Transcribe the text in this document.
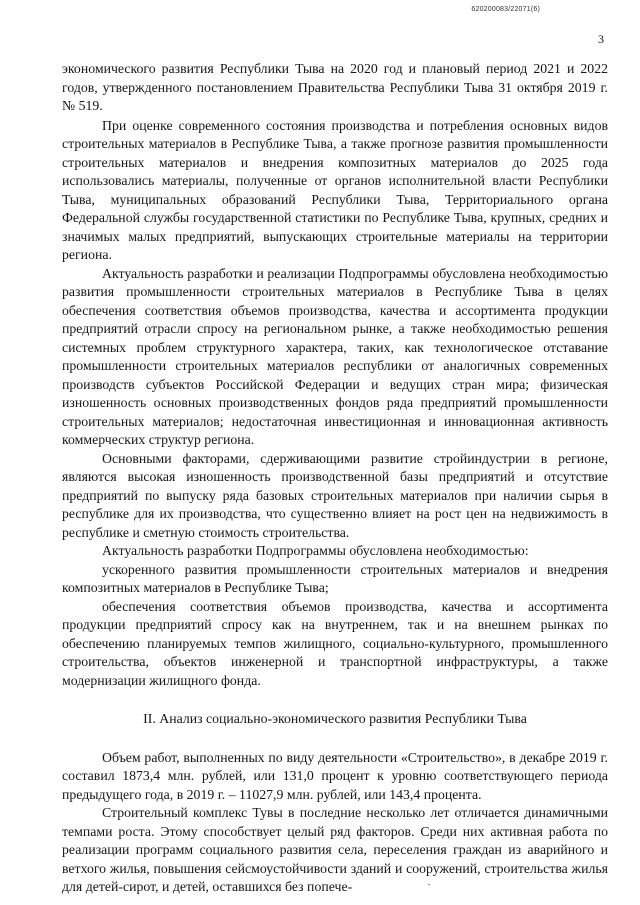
620200083/22071(6)
3

экономического развития Республики Тыва на 2020 год и плановый период 2021 и 2022 годов, утвержденного постановлением Правительства Республики Тыва 31 октября 2019 г. № 519.

При оценке современного состояния производства и потребления основных видов строительных материалов в Республике Тыва, а также прогнозе развития промышленности строительных материалов и внедрения композитных материалов до 2025 года использовались материалы, полученные от органов исполнительной власти Республики Тыва, муниципальных образований Республики Тыва, Территориального органа Федеральной службы государственной статистики по Республике Тыва, крупных, средних и значимых малых предприятий, выпускающих строительные материалы на территории региона.

Актуальность разработки и реализации Подпрограммы обусловлена необходимостью развития промышленности строительных материалов в Республике Тыва в целях обеспечения соответствия объемов производства, качества и ассортимента продукции предприятий отрасли спросу на региональном рынке, а также необходимостью решения системных проблем структурного характера, таких, как технологическое отставание промышленности строительных материалов республики от аналогичных современных производств субъектов Российской Федерации и ведущих стран мира; физическая изношенность основных производственных фондов ряда предприятий промышленности строительных материалов; недостаточная инвестиционная и инновационная активность коммерческих структур региона.

Основными факторами, сдерживающими развитие стройиндустрии в регионе, являются высокая изношенность производственной базы предприятий и отсутствие предприятий по выпуску ряда базовых строительных материалов при наличии сырья в республике для их производства, что существенно влияет на рост цен на недвижимость в республике и сметную стоимость строительства.

Актуальность разработки Подпрограммы обусловлена необходимостью:

ускоренного развития промышленности строительных материалов и внедрения композитных материалов в Республике Тыва;

обеспечения соответствия объемов производства, качества и ассортимента продукции предприятий спросу как на внутреннем, так и на внешнем рынках по обеспечению планируемых темпов жилищного, социально-культурного, промышленного строительства, объектов инженерной и транспортной инфраструктуры, а также модернизации жилищного фонда.

II. Анализ социально-экономического развития Республики Тыва

Объем работ, выполненных по виду деятельности «Строительство», в декабре 2019 г. составил 1873,4 млн. рублей, или 131,0 процент к уровню соответствующего периода предыдущего года, в 2019 г. – 11027,9 млн. рублей, или 143,4 процента.

Строительный комплекс Тувы в последние несколько лет отличается динамичными темпами роста. Этому способствует целый ряд факторов. Среди них активная работа по реализации программ социального развития села, переселения граждан из аварийного и ветхого жилья, повышения сейсмоустойчивости зданий и сооружений, строительства жилья для детей-сирот, и детей, оставшихся без попече-
